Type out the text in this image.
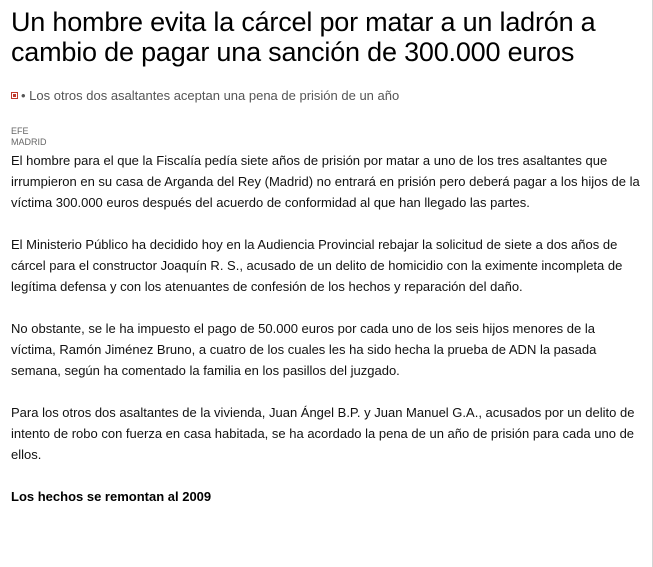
Un hombre evita la cárcel por matar a un ladrón a cambio de pagar una sanción de 300.000 euros
• Los otros dos asaltantes aceptan una pena de prisión de un año
EFE
MADRID

El hombre para el que la Fiscalía pedía siete años de prisión por matar a uno de los tres asaltantes que irrumpieron en su casa de Arganda del Rey (Madrid) no entrará en prisión pero deberá pagar a los hijos de la víctima 300.000 euros después del acuerdo de conformidad al que han llegado las partes.

El Ministerio Público ha decidido hoy en la Audiencia Provincial rebajar la solicitud de siete a dos años de cárcel para el constructor Joaquín R. S., acusado de un delito de homicidio con la eximente incompleta de legítima defensa y con los atenuantes de confesión de los hechos y reparación del daño.

No obstante, se le ha impuesto el pago de 50.000 euros por cada uno de los seis hijos menores de la víctima, Ramón Jiménez Bruno, a cuatro de los cuales les ha sido hecha la prueba de ADN la pasada semana, según ha comentado la familia en los pasillos del juzgado.

Para los otros dos asaltantes de la vivienda, Juan Ángel B.P. y Juan Manuel G.A., acusados por un delito de intento de robo con fuerza en casa habitada, se ha acordado la pena de un año de prisión para cada uno de ellos.

Los hechos se remontan al 2009
